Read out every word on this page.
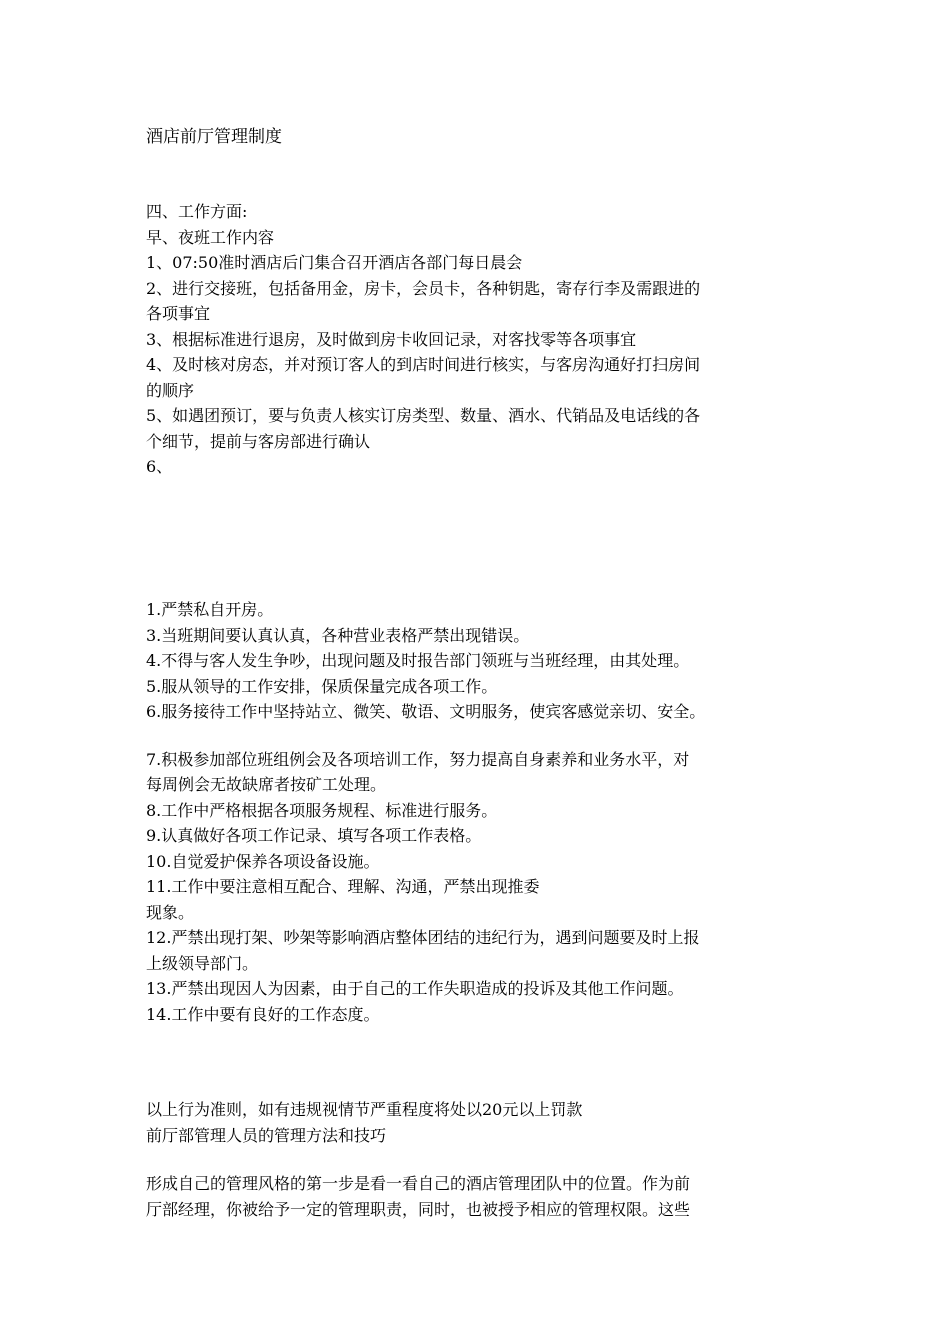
酒店前厅管理制度
四、工作方面:
早、夜班工作内容
1、07:50准时酒店后门集合召开酒店各部门每日晨会
2、进行交接班，包括备用金，房卡，会员卡，各种钥匙，寄存行李及需跟进的
各项事宜
3、根据标准进行退房，及时做到房卡收回记录，对客找零等各项事宜
4、及时核对房态，并对预订客人的到店时间进行核实，与客房沟通好打扫房间
的顺序
5、如遇团预订，要与负责人核实订房类型、数量、酒水、代销品及电话线的各
个细节，提前与客房部进行确认
6、
1.严禁私自开房。
3.当班期间要认真认真，各种营业表格严禁出现错误。
4.不得与客人发生争吵，出现问题及时报告部门领班与当班经理，由其处理。
5.服从领导的工作安排，保质保量完成各项工作。
6.服务接待工作中坚持站立、微笑、敬语、文明服务，使宾客感觉亲切、安全。
7.积极参加部位班组例会及各项培训工作，努力提高自身素养和业务水平，对
每周例会无故缺席者按矿工处理。
8.工作中严格根据各项服务规程、标准进行服务。
9.认真做好各项工作记录、填写各项工作表格。
10.自觉爱护保养各项设备设施。
11.工作中要注意相互配合、理解、沟通，严禁出现推委
现象。
12.严禁出现打架、吵架等影响酒店整体团结的违纪行为，遇到问题要及时上报
上级领导部门。
13.严禁出现因人为因素，由于自己的工作失职造成的投诉及其他工作问题。
14.工作中要有良好的工作态度。
以上行为准则，如有违规视情节严重程度将处以20元以上罚款
前厅部管理人员的管理方法和技巧
形成自己的管理风格的第一步是看一看自己的酒店管理团队中的位置。作为前
厅部经理，你被给予一定的管理职责，同时，也被授予相应的管理权限。这些
